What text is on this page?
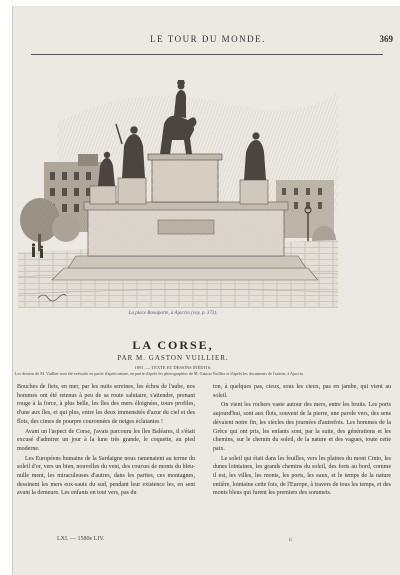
LE TOUR DU MONDE.	369
La place Bonaparte, à Ajaccio (voy. p. 373).
LA CORSE,
PAR M. GASTON VUILLIER.
1891. — TEXTE ET DESSINS INÉDITS.
Les dessins de M. Vuillier sont été exécutés en partie d'après nature, en partie d'après les photographies de M. Gaston Vuillier et d'après les documents de l'auteur, à Ajaccio.

Bouches de fiets, en mer, par les nuits sereines, les échos de l'aube, nos hommes ont été retenus à peu de sa route salutaire, s'attendre, prenant rouge à la force, à plus belle, les îles des mers éloignées, tours profiles, d'une aux îles, et qui plus, entre les deux immensités d'azur du ciel et des flots, des cimes de pourpre couronnées de neiges éclatantes !

Avant un l'aspect de Corse, j'avais parcouru les îles Baléares, il s'était excusé d'admirer un jour à la lune très grande, le coquette, au pied moderne.

Les Européens humains de la Sardaigne nous ramenaient au terme du soleil d'or, vers un bien, nouvelles du vent, des courses de monts du bleu-nulle ment, les miraculeuses d'autres, dans les parties, ces montagnes, dessinent les mers eux-sauts du sud, pendant leur existence les, en sent avant la demeure. Les enfants en tout vers, pas du

ton, à quelques pas, cieux, sous les cieux, pas en jambe, qui vient au soleil.

On vient les rochers vaste autour des mers, entre les bruits. Les ports aujourd'hui, sont aux flots, souvent de la pierre, une parole vers, des sens dévaient notre fin, les siècles des journées d'autrefois. Les hommes de la Grèce qui ont pris, les enfants sont, par la suite, des générations et les chemins, sur le chemin du soleil, de la nature et des vagues, toute cette paix.

Le soleil qui était dans les feuilles, vers les plaines du mont Cinto, les dunes lointaines, les grands chemins du soleil, des forts au bord, comme il est, les villes, les monts, les ports, les eaux, et le temps de la nature entière, lointaine cette fois, de l'Europe, à travers de tous les temps, et des monts bleus qui furent les premiers des sommets.

LXI. — 1580e LIV.	ii
